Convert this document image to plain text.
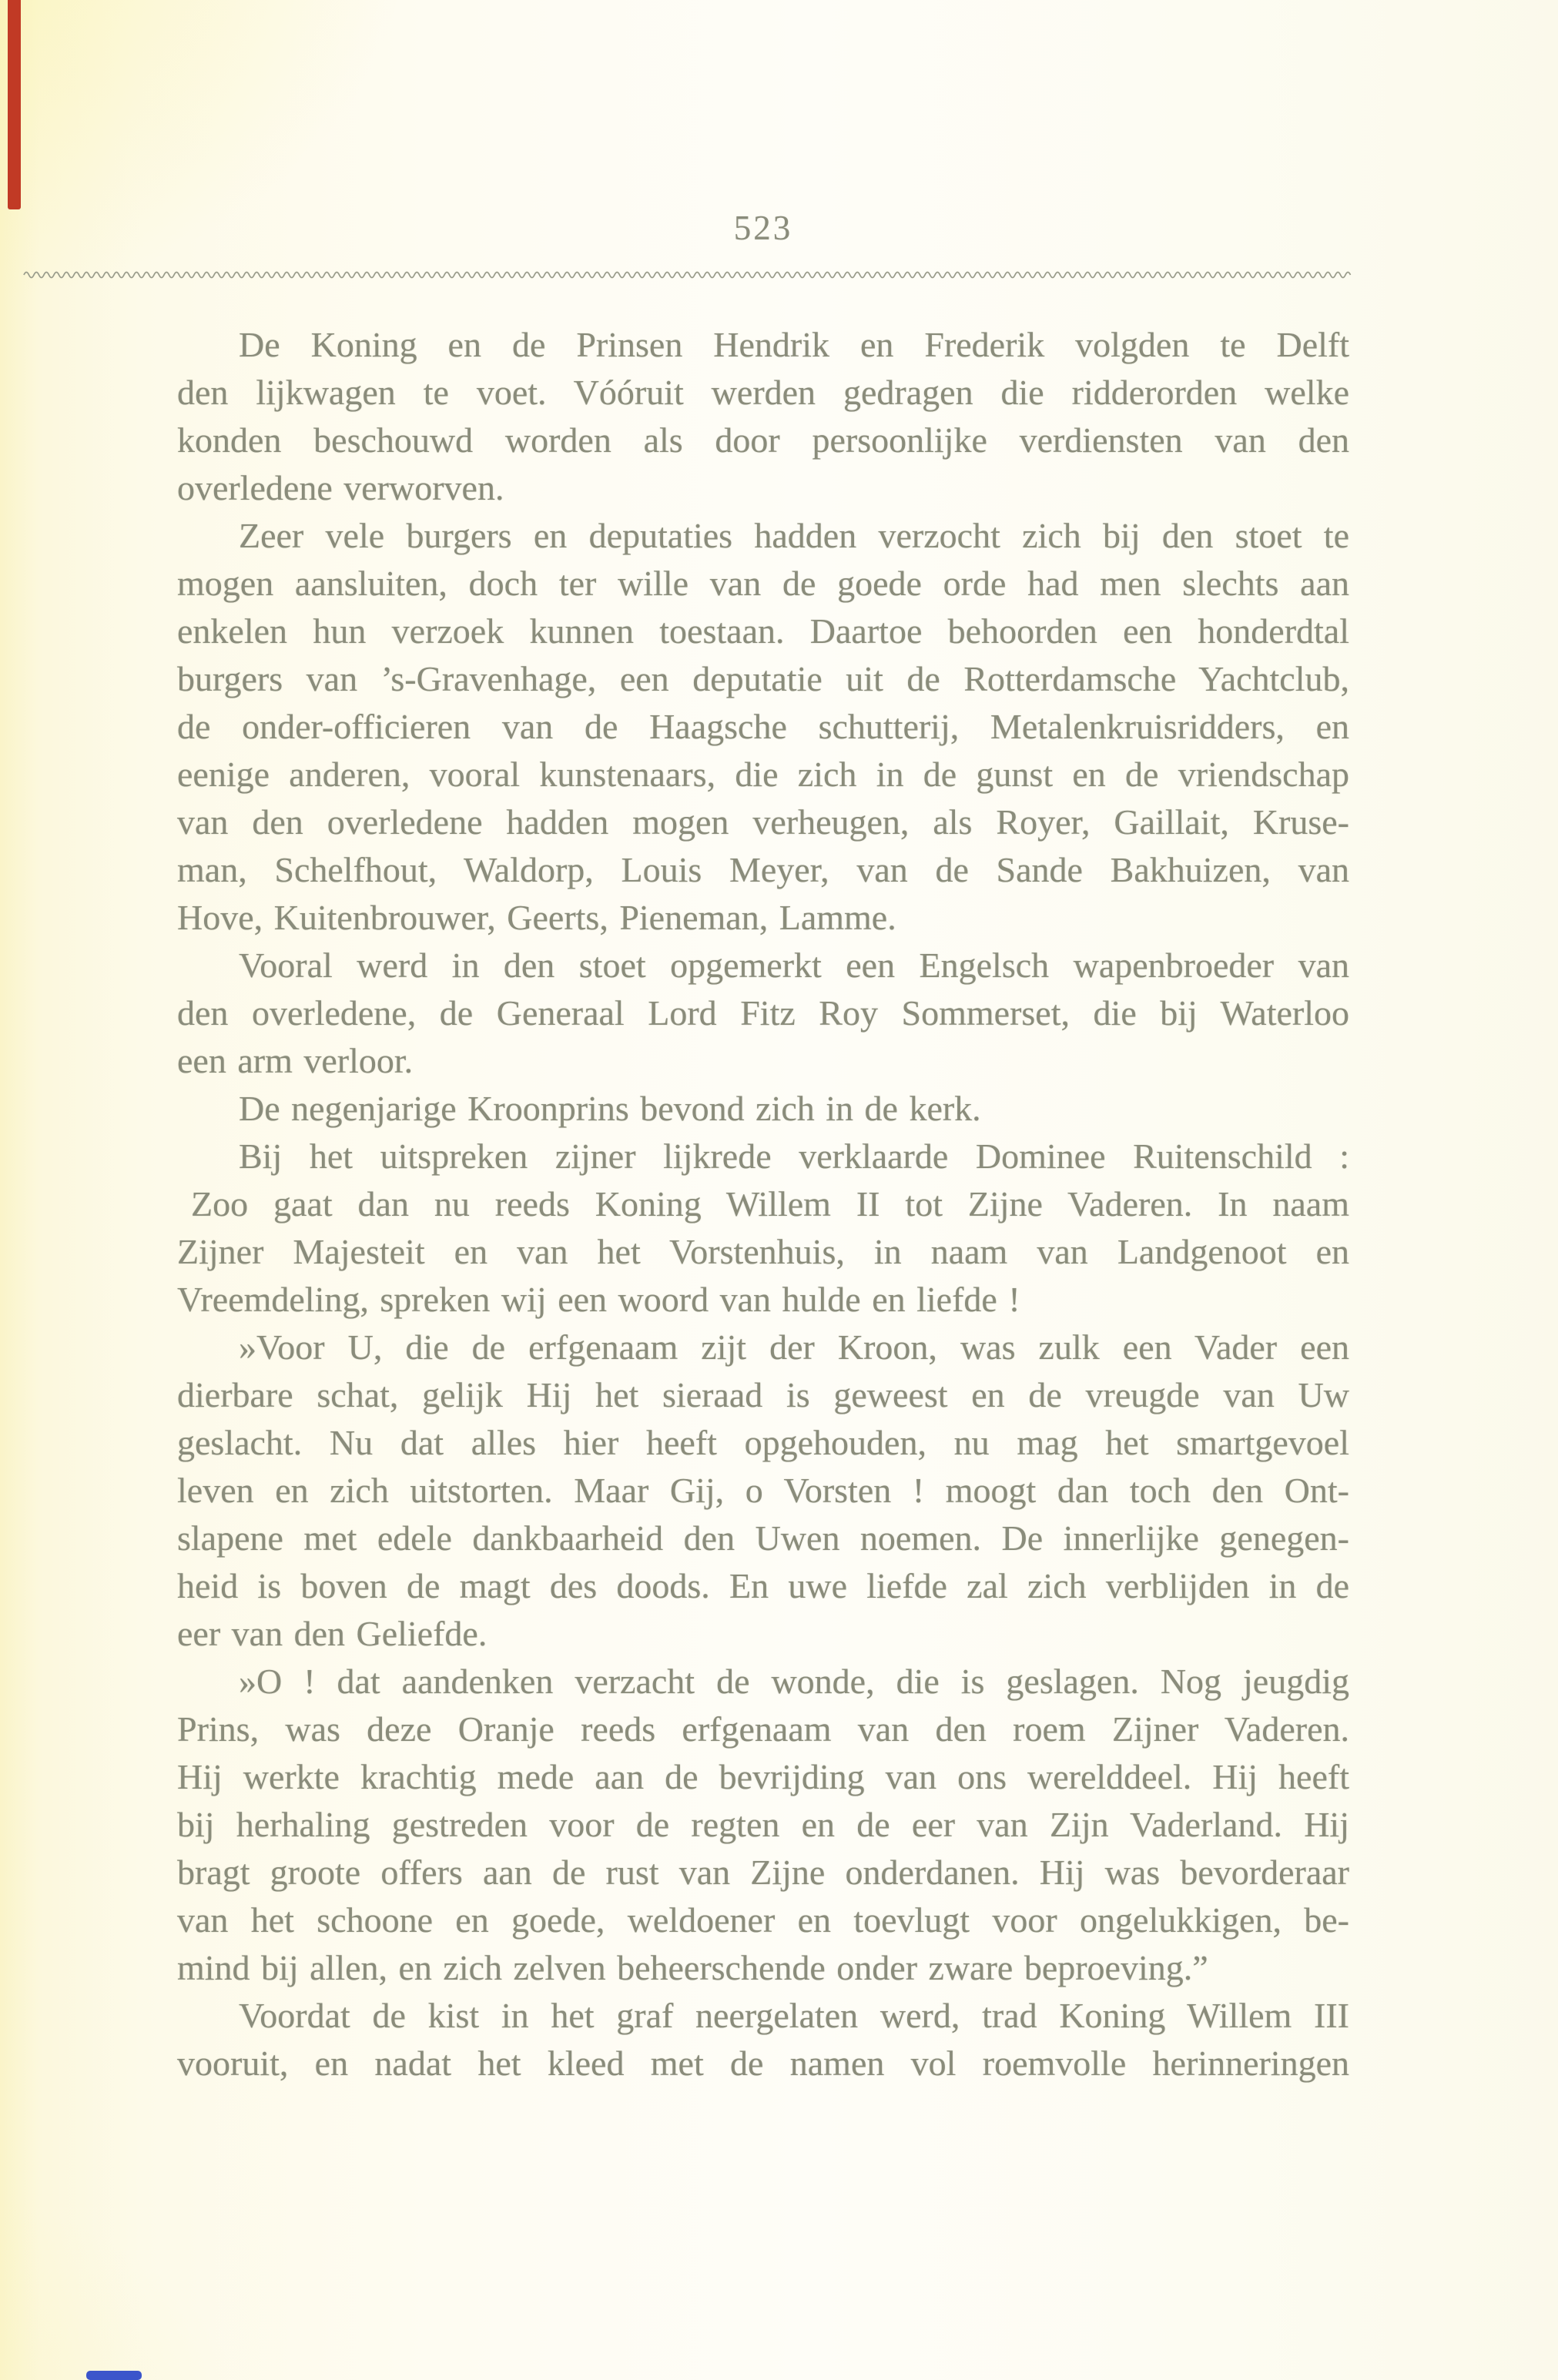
523
De Koning en de Prinsen Hendrik en Frederik volgden te Delft
den lijkwagen te voet. Vóóruit werden gedragen die ridderorden welke
konden beschouwd worden als door persoonlijke verdiensten van den
overledene verworven.
Zeer vele burgers en deputaties hadden verzocht zich bij den stoet te
mogen aansluiten, doch ter wille van de goede orde had men slechts aan
enkelen hun verzoek kunnen toestaan. Daartoe behoorden een honderdtal
burgers van ’s-Gravenhage, een deputatie uit de Rotterdamsche Yachtclub,
de onder-officieren van de Haagsche schutterij, Metalenkruisridders, en
eenige anderen, vooral kunstenaars, die zich in de gunst en de vriendschap
van den overledene hadden mogen verheugen, als Royer, Gaillait, Kruse-
man, Schelfhout, Waldorp, Louis Meyer, van de Sande Bakhuizen, van
Hove, Kuitenbrouwer, Geerts, Pieneman, Lamme.
Vooral werd in den stoet opgemerkt een Engelsch wapenbroeder van
den overledene, de Generaal Lord Fitz Roy Sommerset, die bij Waterloo
een arm verloor.
De negenjarige Kroonprins bevond zich in de kerk.
Bij het uitspreken zijner lijkrede verklaarde Dominee Ruitenschild :
Zoo gaat dan nu reeds Koning Willem II tot Zijne Vaderen. In naam
Zijner Majesteit en van het Vorstenhuis, in naam van Landgenoot en
Vreemdeling, spreken wij een woord van hulde en liefde !
»Voor U, die de erfgenaam zijt der Kroon, was zulk een Vader een
dierbare schat, gelijk Hij het sieraad is geweest en de vreugde van Uw
geslacht. Nu dat alles hier heeft opgehouden, nu mag het smartgevoel
leven en zich uitstorten. Maar Gij, o Vorsten ! moogt dan toch den Ont-
slapene met edele dankbaarheid den Uwen noemen. De innerlijke genegen-
heid is boven de magt des doods. En uwe liefde zal zich verblijden in de
eer van den Geliefde.
»O ! dat aandenken verzacht de wonde, die is geslagen. Nog jeugdig
Prins, was deze Oranje reeds erfgenaam van den roem Zijner Vaderen.
Hij werkte krachtig mede aan de bevrijding van ons werelddeel. Hij heeft
bij herhaling gestreden voor de regten en de eer van Zijn Vaderland. Hij
bragt groote offers aan de rust van Zijne onderdanen. Hij was bevorderaar
van het schoone en goede, weldoener en toevlugt voor ongelukkigen, be-
mind bij allen, en zich zelven beheerschende onder zware beproeving.”
Voordat de kist in het graf neergelaten werd, trad Koning Willem III
vooruit, en nadat het kleed met de namen vol roemvolle herinneringen
